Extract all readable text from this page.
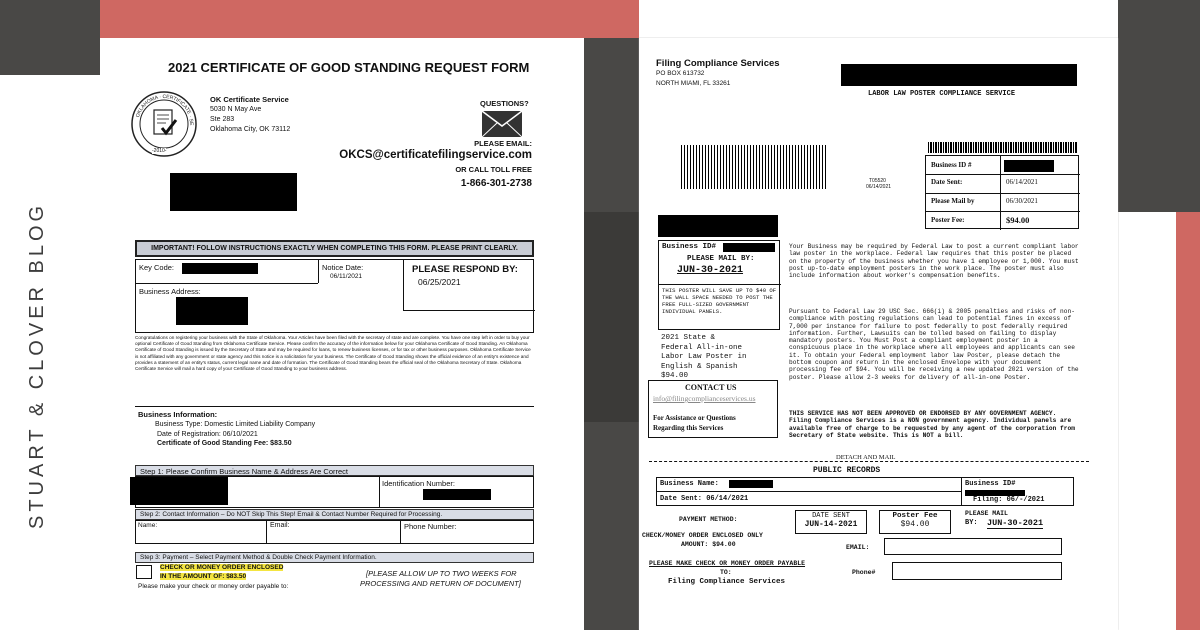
STUART & CLOVER BLOG
2021 CERTIFICATE OF GOOD STANDING REQUEST FORM
OKLAHOMA · CERTIFICATE · SE
-2010-
OK Certificate Service
5030 N May Ave
Ste 283
Oklahoma City, OK 73112
QUESTIONS?
PLEASE EMAIL:
OKCS@certificatefilingservice.com
OR CALL TOLL FREE
1-866-301-2738
IMPORTANT! FOLLOW INSTRUCTIONS EXACTLY WHEN COMPLETING THIS FORM. PLEASE PRINT CLEARLY.
Key Code:	Notice Date:
06/11/2021
PLEASE RESPOND BY:
06/25/2021
Business Address:
Congratulations on registering your business with the State of Oklahoma. Your Articles have been filed with the secretary of state and are complete. You have one step left in order to buy your optional Certificate of Good Standing from Oklahoma Certificate Service. Please confirm the accuracy of the information below for your Oklahoma Certificate of Good Standing. An Oklahoma Certificate of Good Standing is issued by the Secretary of State and may be required for loans, to renew business licenses, or for tax or other business purposes. Oklahoma Certificate Service is not affiliated with any government or state agency and this notice is a solicitation for your business. The Certificate of Good Standing shows the official evidence of an entity's existence and provides a statement of an entity's status, current legal name and date of formation. The Certificate of Good Standing bears the official seal of the Oklahoma Secretary of State. Oklahoma Certificate Service will mail a hard copy of your Certificate of Good Standing to your business address.
Business Information:
Business Type: Domestic Limited Liability Company
Date of Registration: 06/10/2021
Certificate of Good Standing Fee: $83.50
Step 1: Please Confirm Business Name & Address Are Correct
Identification Number:
Step 2: Contact Information – Do NOT Skip This Step! Email & Contact Number Required for Processing.
Name:	Email:	Phone Number:
Step 3: Payment – Select Payment Method & Double Check Payment Information.
CHECK OR MONEY ORDER ENCLOSED
IN THE AMOUNT OF: $83.50
Please make your check or money order payable to:
[PLEASE ALLOW UP TO TWO WEEKS FOR
PROCESSING AND RETURN OF DOCUMENT]
Filing Compliance Services
PO BOX 613732
NORTH MIAMI, FL 33261
LABOR LAW POSTER COMPLIANCE SERVICE
Business ID #
Date Sent:	06/14/2021
Please Mail by	06/30/2021
Poster Fee:	$94.00
T05520
06/14/2021
Business ID#
PLEASE MAIL BY:
JUN-30-2021
THIS POSTER WILL SAVE UP TO $40 OF THE WALL SPACE NEEDED TO POST THE FREE FULL-SIZED GOVERNMENT INDIVIDUAL PANELS.
2021 State &
Federal All-in-one
Labor Law Poster in
English & Spanish
$94.00
CONTACT US
info@filingcomplianceservices.us
For Assistance or Questions
Regarding this Services
Your Business may be required by Federal Law to post a current compliant labor law poster in the workplace. Federal law requires that this poster be placed on the property of the business whether you have 1 employee or 1,000. You must post up-to-date employment posters in the work place. The poster must also include information about worker's compensation benefits.
Pursuant to Federal Law 29 USC Sec. 666(i) & 2005 penalties and risks of non-compliance with posting regulations can lead to potential fines in excess of 7,000 per instance for failure to post federally to post federally required information. Further, Lawsuits can be tolled based on failing to display mandatory posters. You Must Post a compliant employment poster in a conspicuous place in the workplace where all employees and applicants can see it. To obtain your Federal employment labor law Poster, please detach the bottom coupon and return in the enclosed Envelope with your document processing fee of $94. You will be receiving a new updated 2021 version of the poster. Please allow 2-3 weeks for delivery of all-in-one Poster.
THIS SERVICE HAS NOT BEEN APPROVED OR ENDORSED BY ANY GOVERNMENT AGENCY. Filing Compliance Services is a NON government agency. Individual panels are available free of charge to be requested by any agent of the corporation from Secretary of State website. This is NOT a bill.
DETACH AND MAIL
PUBLIC RECORDS
Business Name:
Date Sent: 06/14/2021
Business ID#
Filing: 06/-/2021
PAYMENT METHOD:	DATE SENT
JUN-14-2021
Poster Fee
$94.00
PLEASE MAIL
BY: JUN-30-2021
CHECK/MONEY ORDER ENCLOSED ONLY
AMOUNT: $94.00	EMAIL:
PLEASE MAKE CHECK OR MONEY ORDER PAYABLE
TO:
Filing Compliance Services
Phone#
